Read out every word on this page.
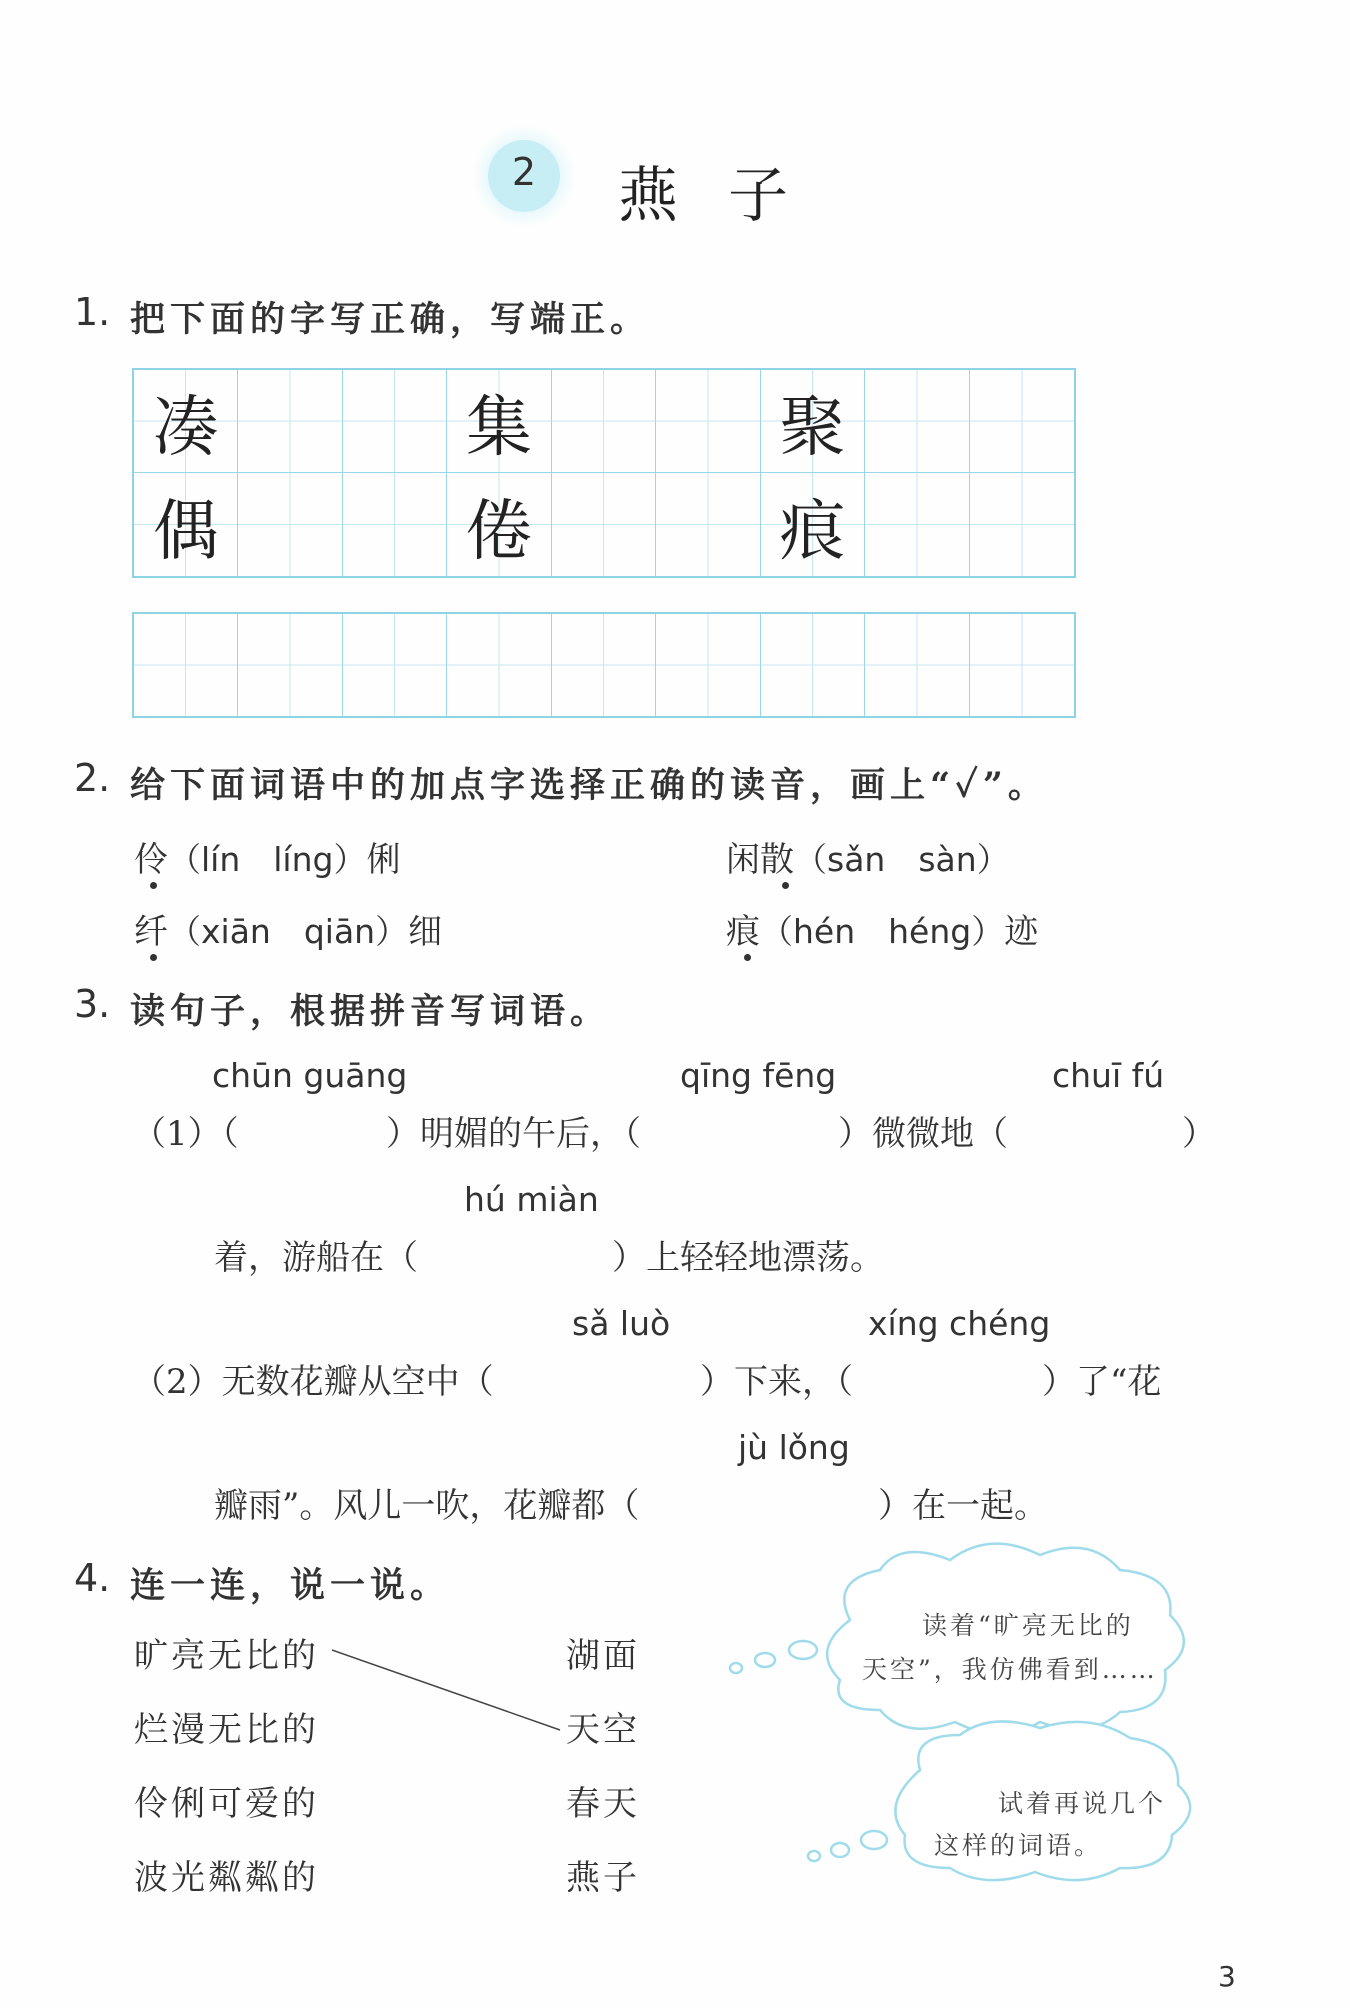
2	燕子
1. 把下面的字写正确，写端正。
凑	集	聚
偶	倦	痕
2. 给下面词语中的加点字选择正确的读音，画上“✓”。
伶（lín　líng）俐
纤（xiān　qiān）细
闲散（sǎn　sàn）
痕（hén　héng）迹
3. 读句子，根据拼音写词语。
chūn guāng	qīng fēng	chuī fú
（1）（	）明媚的午后，（	）微微地（	）
hú miàn
着，游船在（	）上轻轻地漂荡。
sǎ luò	xíng chéng
（2）无数花瓣从空中（	）下来，（	）了“花
jù lǒng
瓣雨”。风儿一吹，花瓣都（	）在一起。
4. 连一连，说一说。
旷亮无比的
烂漫无比的
伶俐可爱的
波光粼粼的
湖面
天空
春天
燕子
读着“旷亮无比的
天空”，我仿佛看到……
试着再说几个
这样的词语。
3
